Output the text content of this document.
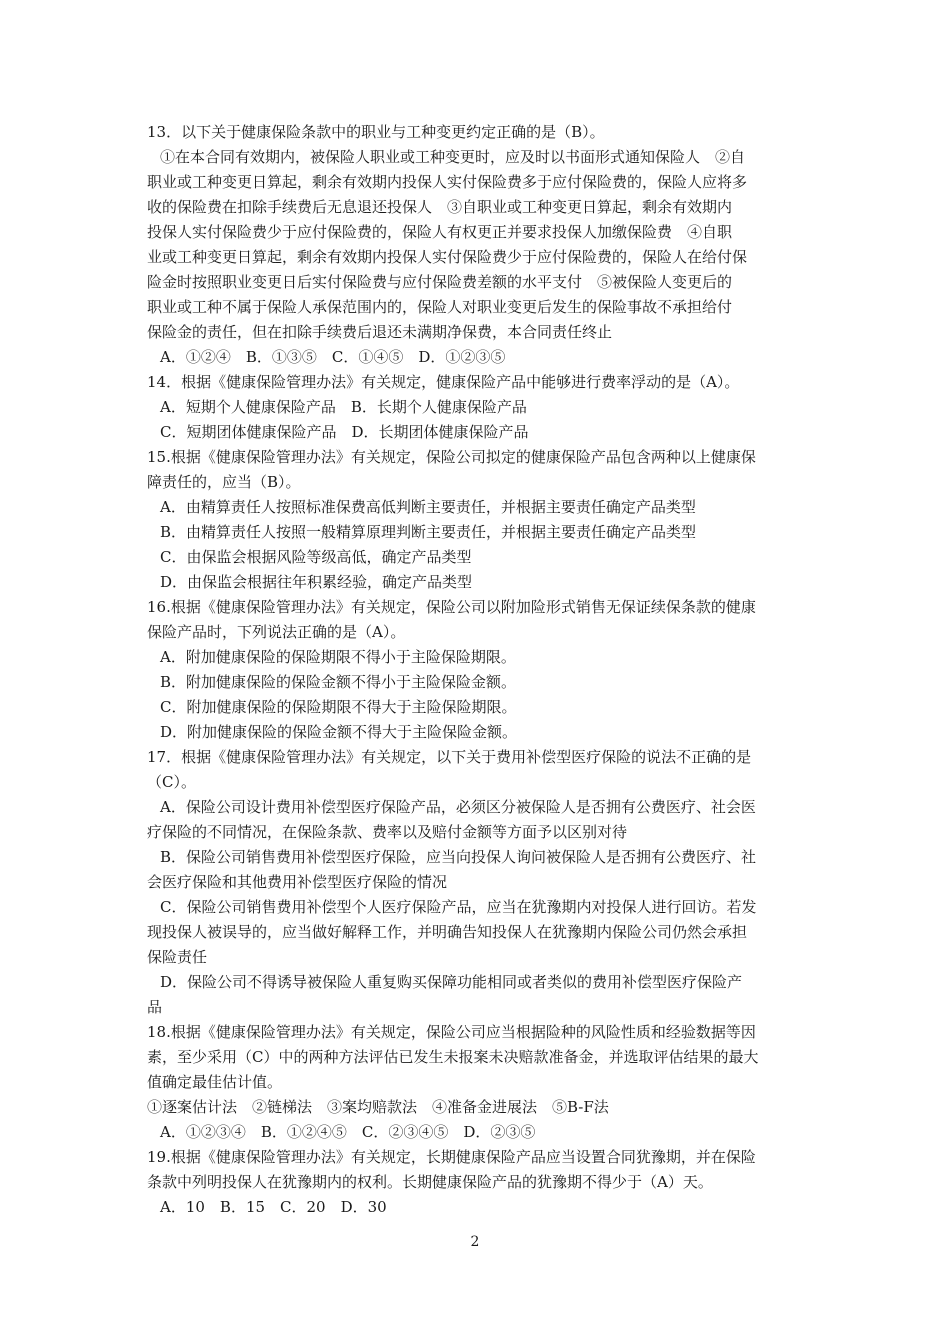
13．以下关于健康保险条款中的职业与工种变更约定正确的是（B）。
①在本合同有效期内，被保险人职业或工种变更时，应及时以书面形式通知保险人　②自
职业或工种变更日算起，剩余有效期内投保人实付保险费多于应付保险费的，保险人应将多
收的保险费在扣除手续费后无息退还投保人　③自职业或工种变更日算起，剩余有效期内
投保人实付保险费少于应付保险费的，保险人有权更正并要求投保人加缴保险费　④自职
业或工种变更日算起，剩余有效期内投保人实付保险费少于应付保险费的，保险人在给付保
险金时按照职业变更日后实付保险费与应付保险费差额的水平支付　⑤被保险人变更后的
职业或工种不属于保险人承保范围内的，保险人对职业变更后发生的保险事故不承担给付
保险金的责任，但在扣除手续费后退还未满期净保费，本合同责任终止
A．①②④　B．①③⑤　C．①④⑤　D．①②③⑤
14．根据《健康保险管理办法》有关规定，健康保险产品中能够进行费率浮动的是（A）。
A．短期个人健康保险产品　B．长期个人健康保险产品
C．短期团体健康保险产品　D．长期团体健康保险产品
15.根据《健康保险管理办法》有关规定，保险公司拟定的健康保险产品包含两种以上健康保
障责任的，应当（B）。
A．由精算责任人按照标准保费高低判断主要责任，并根据主要责任确定产品类型
B．由精算责任人按照一般精算原理判断主要责任，并根据主要责任确定产品类型
C．由保监会根据风险等级高低，确定产品类型
D．由保监会根据往年积累经验，确定产品类型
16.根据《健康保险管理办法》有关规定，保险公司以附加险形式销售无保证续保条款的健康
保险产品时，下列说法正确的是（A）。
A．附加健康保险的保险期限不得小于主险保险期限。
B．附加健康保险的保险金额不得小于主险保险金额。
C．附加健康保险的保险期限不得大于主险保险期限。
D．附加健康保险的保险金额不得大于主险保险金额。
17．根据《健康保险管理办法》有关规定，以下关于费用补偿型医疗保险的说法不正确的是
（C）。
A．保险公司设计费用补偿型医疗保险产品，必须区分被保险人是否拥有公费医疗、社会医
疗保险的不同情况，在保险条款、费率以及赔付金额等方面予以区别对待
B．保险公司销售费用补偿型医疗保险，应当向投保人询问被保险人是否拥有公费医疗、社
会医疗保险和其他费用补偿型医疗保险的情况
C．保险公司销售费用补偿型个人医疗保险产品，应当在犹豫期内对投保人进行回访。若发
现投保人被误导的，应当做好解释工作，并明确告知投保人在犹豫期内保险公司仍然会承担
保险责任
D．保险公司不得诱导被保险人重复购买保障功能相同或者类似的费用补偿型医疗保险产
品
18.根据《健康保险管理办法》有关规定，保险公司应当根据险种的风险性质和经验数据等因
素，至少采用（C）中的两种方法评估已发生未报案未决赔款准备金，并选取评估结果的最大
值确定最佳估计值。
①逐案估计法　②链梯法　③案均赔款法　④准备金进展法　⑤B-F法
A．①②③④　B．①②④⑤　C．②③④⑤　D．②③⑤
19.根据《健康保险管理办法》有关规定，长期健康保险产品应当设置合同犹豫期，并在保险
条款中列明投保人在犹豫期内的权利。长期健康保险产品的犹豫期不得少于（A）天。
A．10　B．15　C．20　D．30
2
